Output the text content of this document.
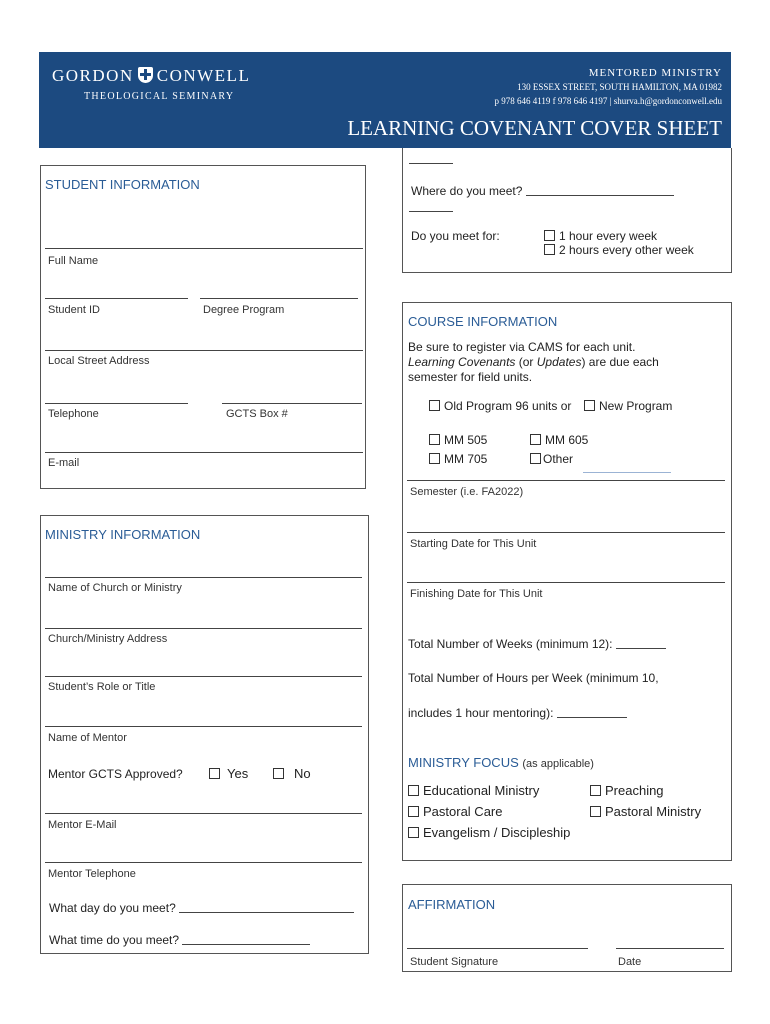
GORDON CONWELL
THEOLOGICAL SEMINARY
MENTORED MINISTRY
130 ESSEX STREET, SOUTH HAMILTON, MA 01982
p 978 646 4119 f 978 646 4197 | shurva.h@gordonconwell.edu
LEARNING COVENANT COVER SHEET
STUDENT INFORMATION
Full Name
Student ID	Degree Program
Local Street Address
Telephone	GCTS Box #
E-mail
Where do you meet?
Do you meet for:	1 hour every week
2 hours every other week
MINISTRY INFORMATION
Name of Church or Ministry
Church/Ministry Address
Student’s Role or Title
Name of Mentor
Mentor GCTS Approved?	Yes	No
Mentor E-Mail
Mentor Telephone
What day do you meet?
What time do you meet?
COURSE INFORMATION
Be sure to register via CAMS for each unit.
Learning Covenants (or Updates) are due each
semester for field units.
Old Program 96 units or	New Program
MM 505	MM 605
MM 705	Other
Semester (i.e. FA2022)
Starting Date for This Unit
Finishing Date for This Unit
Total Number of Weeks (minimum 12):
Total Number of Hours per Week (minimum 10,
includes 1 hour mentoring):
MINISTRY FOCUS (as applicable)
Educational Ministry	Preaching
Pastoral Care	Pastoral Ministry
Evangelism / Discipleship
AFFIRMATION
Student Signature	Date
